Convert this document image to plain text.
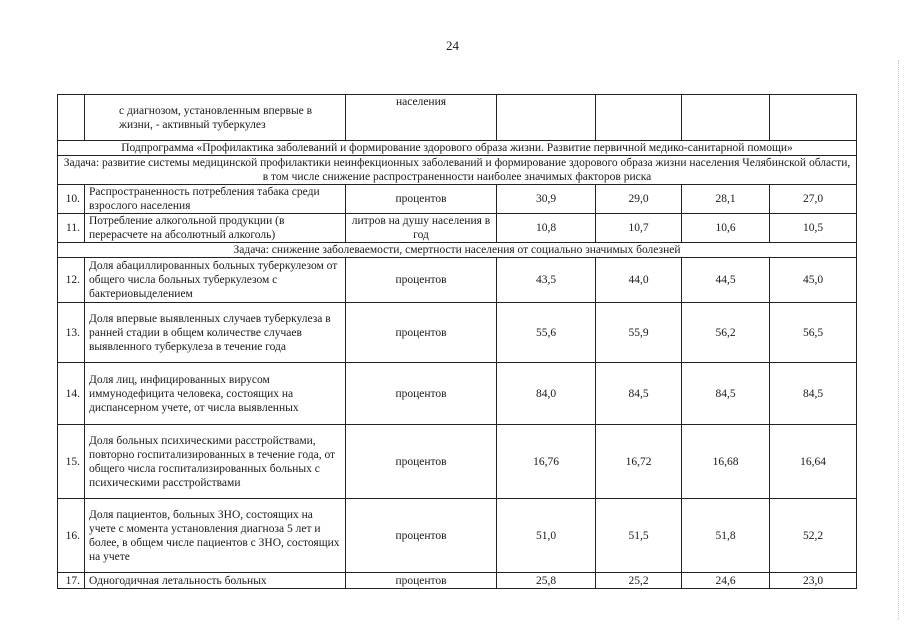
24
	с диагнозом, установленным впервые в жизни, - активный туберкулез	населения				
Подпрограмма «Профилактика заболеваний и формирование здорового образа жизни. Развитие первичной медико-санитарной помощи»						
Задача: развитие системы медицинской профилактики неинфекционных заболеваний и формирование здорового образа жизни населения Челябинской области, в том числе снижение распространенности наиболее значимых факторов риска						
10.	Распространенность потребления табака среди взрослого населения	процентов	30,9	29,0	28,1	27,0
11.	Потребление алкогольной продукции (в перерасчете на абсолютный алкоголь)	литров на душу населения в год	10,8	10,7	10,6	10,5
Задача: снижение заболеваемости, смертности населения от социально значимых болезней						
12.	Доля абациллированных больных туберкулезом от общего числа больных туберкулезом с бактериовыделением	процентов	43,5	44,0	44,5	45,0
13.	Доля впервые выявленных случаев туберкулеза в ранней стадии в общем количестве случаев выявленного туберкулеза в течение года	процентов	55,6	55,9	56,2	56,5
14.	Доля лиц, инфицированных вирусом иммунодефицита человека, состоящих на диспансерном учете, от числа выявленных	процентов	84,0	84,5	84,5	84,5
15.	Доля больных психическими расстройствами, повторно госпитализированных в течение года, от общего числа госпитализированных больных с психическими расстройствами	процентов	16,76	16,72	16,68	16,64
16.	Доля пациентов, больных ЗНО, состоящих на учете с момента установления диагноза 5 лет и более, в общем числе пациентов с ЗНО, состоящих на учете	процентов	51,0	51,5	51,8	52,2
17.	Одногодичная летальность больных	процентов	25,8	25,2	24,6	23,0
